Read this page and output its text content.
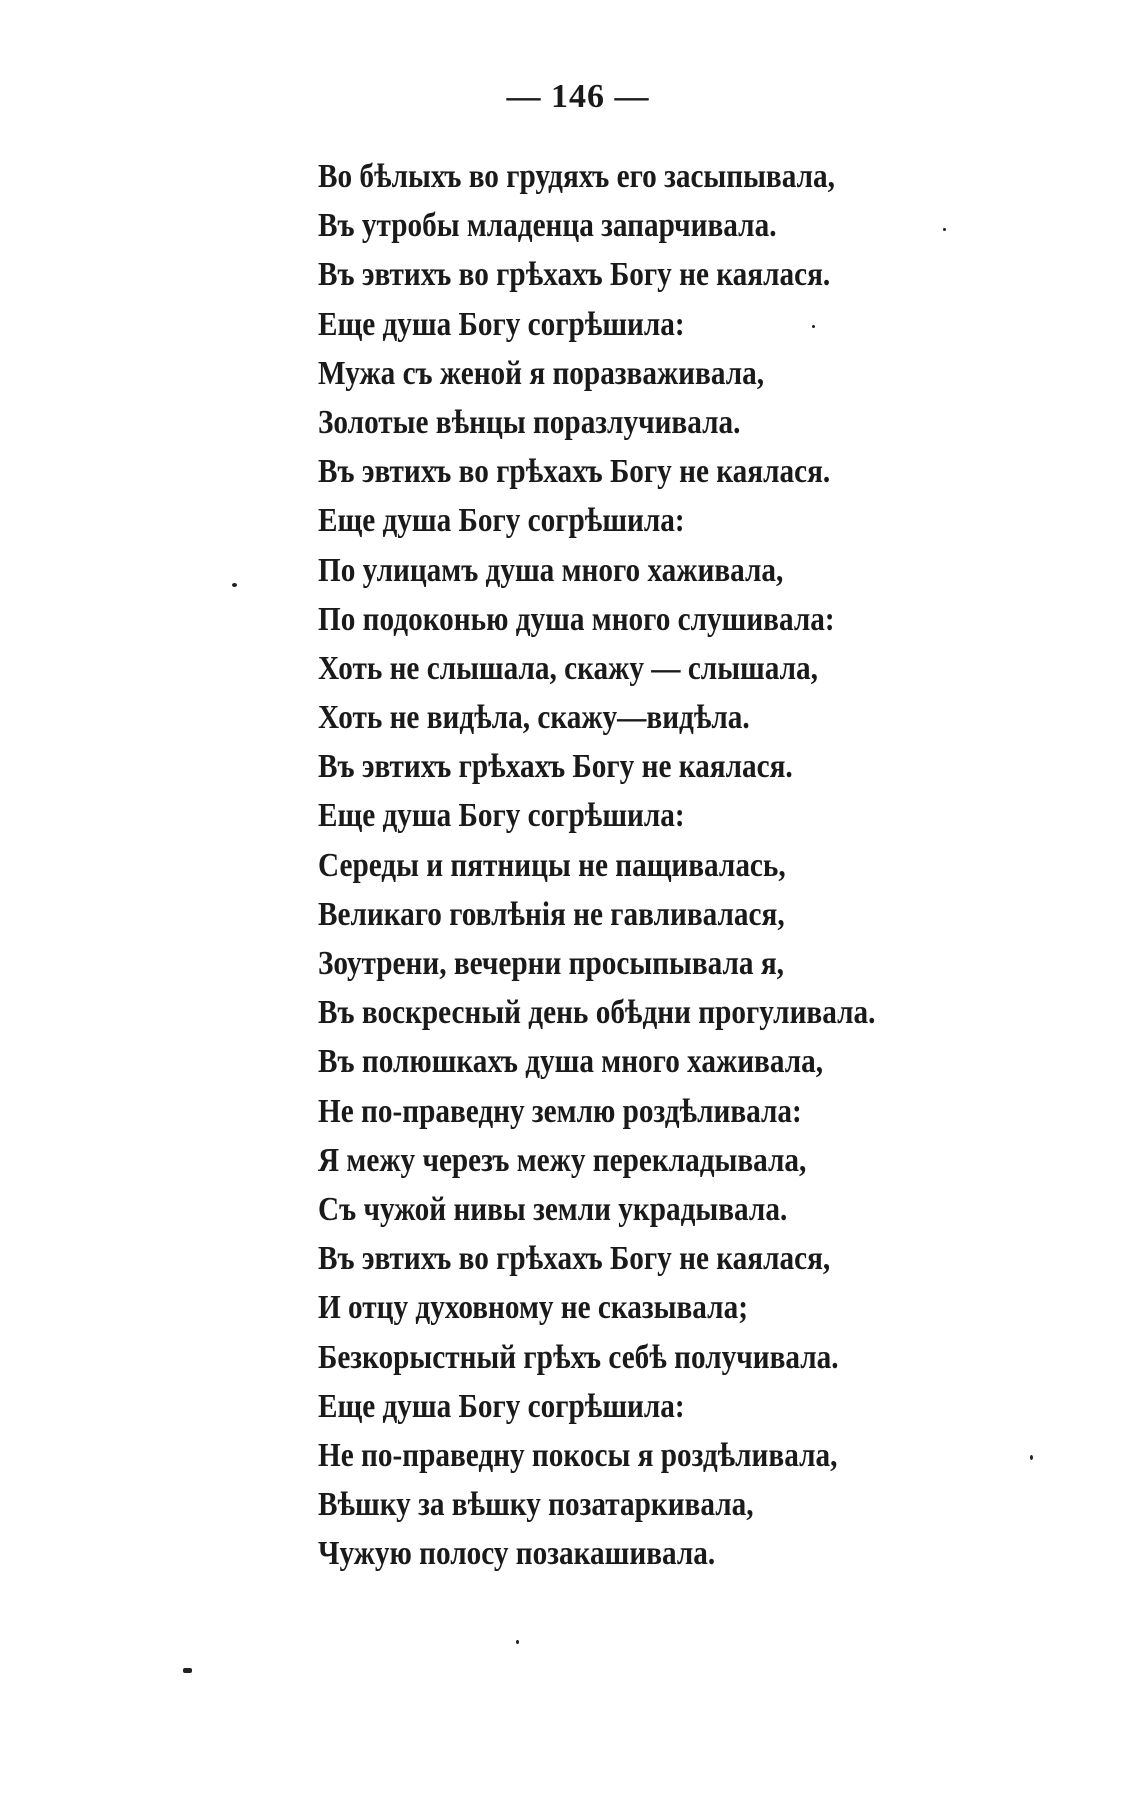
— 146 —
Во бѣлыхъ во грудяхъ его засыпывала,
Въ утробы младенца запарчивала.
Въ эвтихъ во грѣхахъ Богу не каялася.
Еще душа Богу согрѣшила:
Мужа съ женой я поразваживала,
Золотые вѣнцы поразлучивала.
Въ эвтихъ во грѣхахъ Богу не каялася.
Еще душа Богу согрѣшила:
По улицамъ душа много хаживала,
По подоконью душа много слушивала:
Хоть не слышала, скажу — слышала,
Хоть не видѣла, скажу—видѣла.
Въ эвтихъ грѣхахъ Богу не каялася.
Еще душа Богу согрѣшила:
Середы и пятницы не пащивалась,
Великаго говлѣнія не гавливалася,
Зоутрени, вечерни просыпывала я,
Въ воскресный день обѣдни прогуливала.
Въ полюшкахъ душа много хаживала,
Не по-праведну землю роздѣливала:
Я межу черезъ межу перекладывала,
Съ чужой нивы земли украдывала.
Въ эвтихъ во грѣхахъ Богу не каялася,
И отцу духовному не сказывала;
Безкорыстный грѣхъ себѣ получивала.
Еще душа Богу согрѣшила:
Не по-праведну покосы я роздѣливала,
Вѣшку за вѣшку позатаркивала,
Чужую полосу позакашивала.
